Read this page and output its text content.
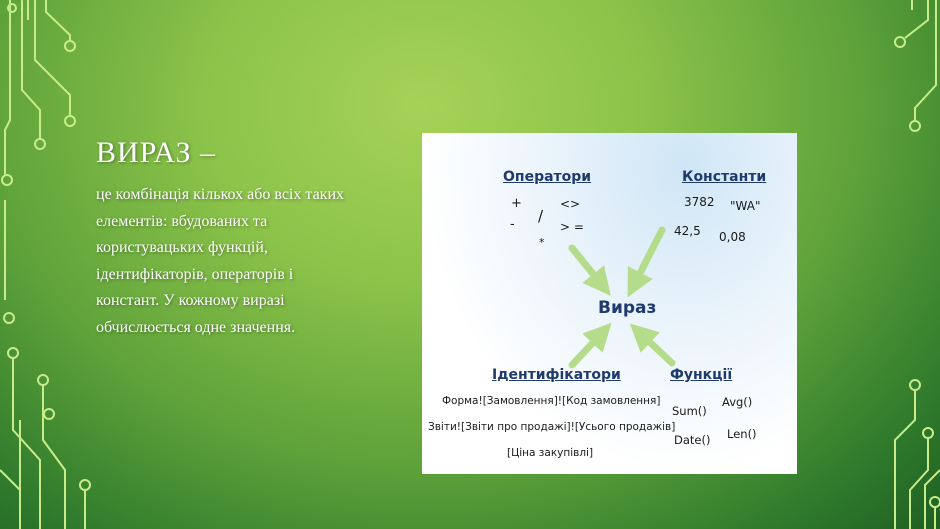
ВИРАЗ –
це комбінація кількох або всіх таких
елементів: вбудованих та
користувацьких функцій,
ідентифікаторів, операторів і
констант. У кожному виразі
обчислюється одне значення.
Оператори
+
- /
*
<>
> =
Константи
3782 "WA"
42,5 0,08
Вираз
Ідентифікатори
Форма![Замовлення]![Код замовлення]
Звіти![Звіти про продажі]![Усього продажів]
[Ціна закупівлі]
Функції
Sum()
Avg()
Date() Len()
